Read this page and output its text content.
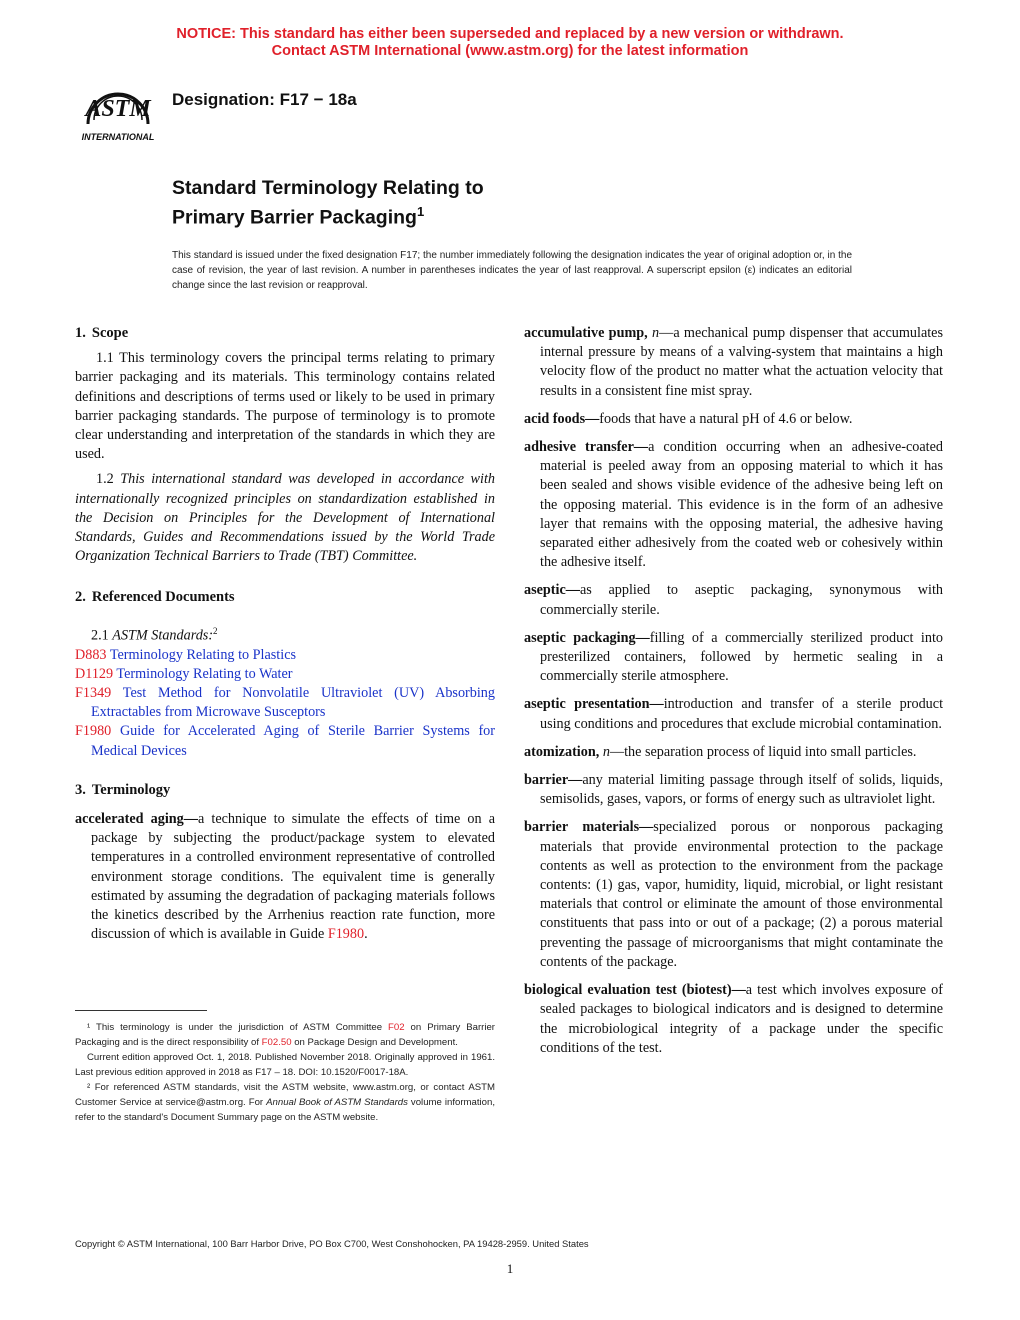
NOTICE: This standard has either been superseded and replaced by a new version or withdrawn.
Contact ASTM International (www.astm.org) for the latest information
ASTM
INTERNATIONAL
Designation: F17 − 18a
Standard Terminology Relating to
Primary Barrier Packaging$^1$
This standard is issued under the fixed designation F17; the number immediately following the designation indicates the year of original adoption or, in the case of revision, the year of last revision. A number in parentheses indicates the year of last reapproval. A superscript epsilon (ε) indicates an editorial change since the last revision or reapproval.
1. Scope

1.1 This terminology covers the principal terms relating to primary barrier packaging and its materials. This terminology contains related definitions and descriptions of terms used or likely to be used in primary barrier packaging standards. The purpose of terminology is to promote clear understanding and interpretation of the standards in which they are used.

1.2 This international standard was developed in accordance with internationally recognized principles on standardization established in the Decision on Principles for the Development of International Standards, Guides and Recommendations issued by the World Trade Organization Technical Barriers to Trade (TBT) Committee.

2. Referenced Documents

2.1 ASTM Standards:$^2$

D883 Terminology Relating to Plastics
D1129 Terminology Relating to Water
F1349 Test Method for Nonvolatile Ultraviolet (UV) Absorbing Extractables from Microwave Susceptors
F1980 Guide for Accelerated Aging of Sterile Barrier Systems for Medical Devices
3. Terminology

accelerated aging—a technique to simulate the effects of time on a package by subjecting the product/package system to elevated temperatures in a controlled environment representative of controlled environment storage conditions. The equivalent time is generally estimated by assuming the degradation of packaging materials follows the kinetics described by the Arrhenius reaction rate function, more discussion of which is available in Guide F1980.

accumulative pump, n—a mechanical pump dispenser that accumulates internal pressure by means of a valving-system that maintains a high velocity flow of the product no matter what the actuation velocity that results in a consistent fine mist spray.

acid foods—foods that have a natural pH of 4.6 or below.

adhesive transfer—a condition occurring when an adhesive-coated material is peeled away from an opposing material to which it has been sealed and shows visible evidence of the adhesive being left on the opposing material. This evidence is in the form of an adhesive layer that remains with the opposing material, the adhesive having separated either adhesively from the coated web or cohesively within the adhesive itself.

aseptic—as applied to aseptic packaging, synonymous with commercially sterile.

aseptic packaging—filling of a commercially sterilized product into presterilized containers, followed by hermetic sealing in a commercially sterile atmosphere.

aseptic presentation—introduction and transfer of a sterile product using conditions and procedures that exclude microbial contamination.

atomization, n—the separation process of liquid into small particles.

barrier—any material limiting passage through itself of solids, liquids, semisolids, gases, vapors, or forms of energy such as ultraviolet light.

barrier materials—specialized porous or nonporous packaging materials that provide environmental protection to the package contents as well as protection to the environment from the package contents: (1) gas, vapor, humidity, liquid, microbial, or light resistant materials that control or eliminate the amount of those environmental constituents that pass into or out of a package; (2) a porous material preventing the passage of microorganisms that might contaminate the contents of the package.

biological evaluation test (biotest)—a test which involves exposure of sealed packages to biological indicators and is designed to determine the microbiological integrity of a package under the specific conditions of the test.

¹ This terminology is under the jurisdiction of ASTM Committee F02 on Primary Barrier Packaging and is the direct responsibility of F02.50 on Package Design and Development.

Current edition approved Oct. 1, 2018. Published November 2018. Originally approved in 1961. Last previous edition approved in 2018 as F17 – 18. DOI: 10.1520/F0017-18A.

² For referenced ASTM standards, visit the ASTM website, www.astm.org, or contact ASTM Customer Service at service@astm.org. For Annual Book of ASTM Standards volume information, refer to the standard's Document Summary page on the ASTM website.

Copyright © ASTM International, 100 Barr Harbor Drive, PO Box C700, West Conshohocken, PA 19428-2959. United States
1
